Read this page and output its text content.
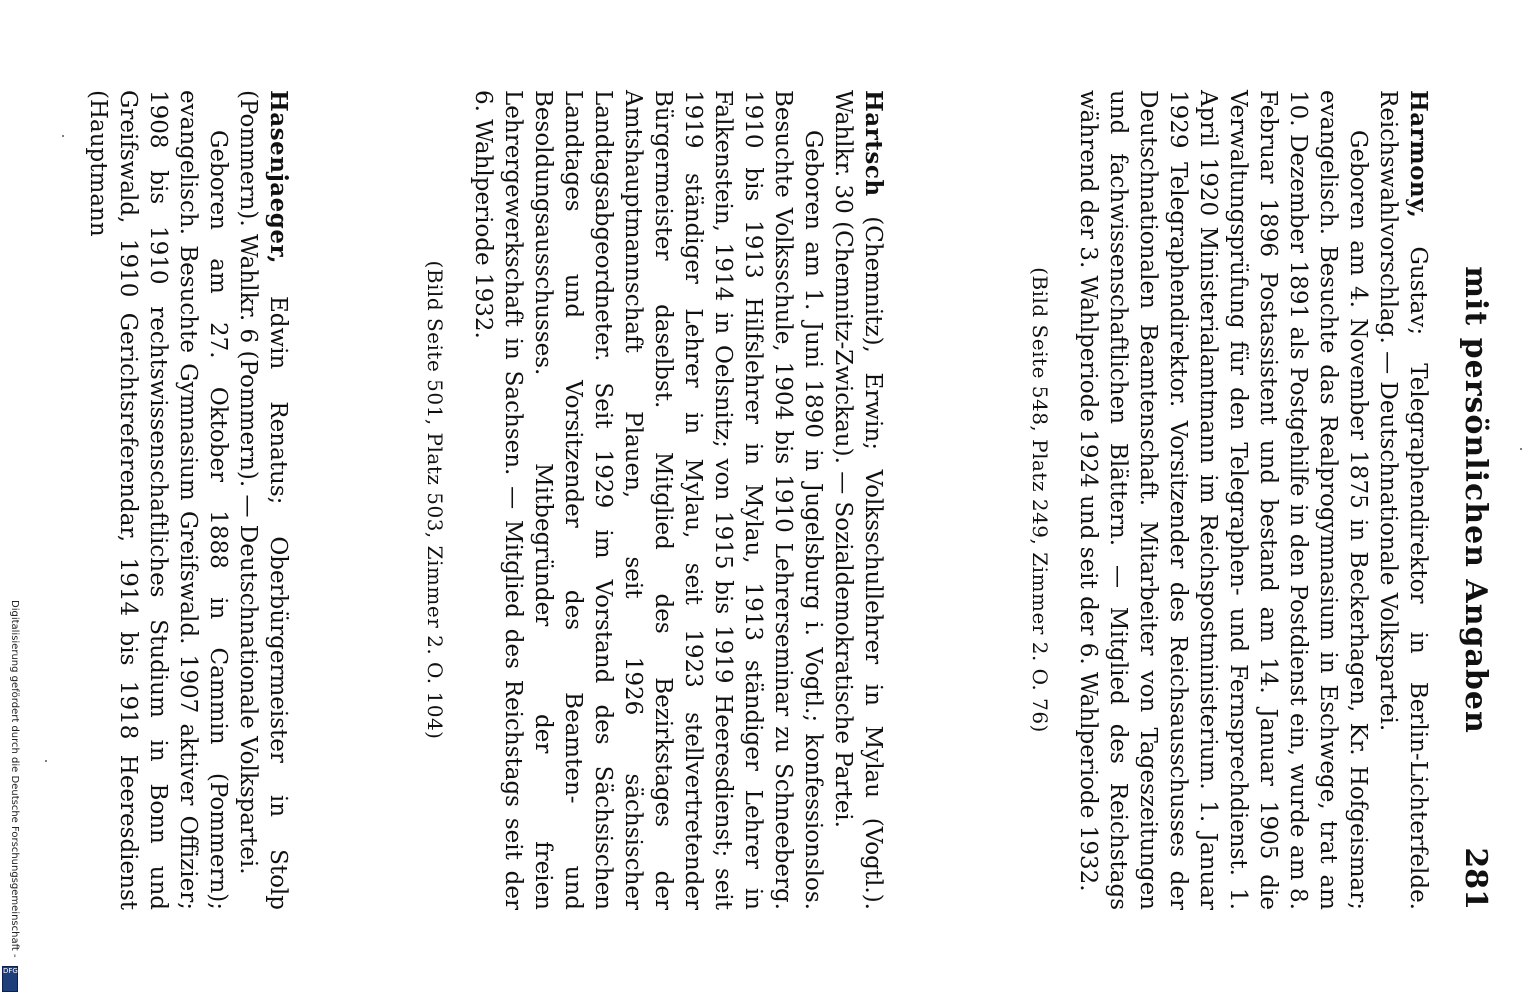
mit persönlichen Angaben
281

Harmony, Gustav; Telegraphendirektor in Berlin-Lichterfelde. Reichswahlvorschlag. — Deutschnationale Volkspartei.

Geboren am 4. November 1875 in Beckerhagen, Kr. Hofgeismar; evangelisch. Besuchte das Realprogymnasium in Eschwege, trat am 10. Dezember 1891 als Postgehilfe in den Postdienst ein, wurde am 8. Februar 1896 Postassistent und bestand am 14. Januar 1905 die Verwaltungsprüfung für den Telegraphen- und Fernsprechdienst. 1. April 1920 Ministerialamtmann im Reichspostministerium. 1. Januar 1929 Telegraphendirektor. Vorsitzender des Reichsausschusses der Deutschnationalen Beamtenschaft. Mitarbeiter von Tageszeitungen und fachwissenschaftlichen Blättern. — Mitglied des Reichstags während der 3. Wahlperiode 1924 und seit der 6. Wahlperiode 1932.

(Bild Seite 548, Platz 249, Zimmer 2. O. 76)

Hartsch (Chemnitz), Erwin; Volksschullehrer in Mylau (Vogtl.). Wahlkr. 30 (Chemnitz-Zwickau). — Sozialdemokratische Partei.

Geboren am 1. Juni 1890 in Jugelsburg i. Vogtl.; konfessionslos. Besuchte Volksschule, 1904 bis 1910 Lehrerseminar zu Schneeberg. 1910 bis 1913 Hilfslehrer in Mylau, 1913 ständiger Lehrer in Falkenstein, 1914 in Oelsnitz; von 1915 bis 1919 Heeresdienst; seit 1919 ständiger Lehrer in Mylau, seit 1923 stellvertretender Bürgermeister daselbst. Mitglied des Bezirkstages der Amtshauptmannschaft Plauen, seit 1926 sächsischer Landtagsabgeordneter. Seit 1929 im Vorstand des Sächsischen Landtages und Vorsitzender des Beamten- und Besoldungsausschusses. Mitbegründer der freien Lehrergewerkschaft in Sachsen. — Mitglied des Reichstags seit der 6. Wahlperiode 1932.

(Bild Seite 501, Platz 503, Zimmer 2. O. 104)

Hasenjaeger, Edwin Renatus; Oberbürgermeister in Stolp (Pommern). Wahlkr. 6 (Pommern). — Deutschnationale Volkspartei.

Geboren am 27. Oktober 1888 in Cammin (Pommern); evangelisch. Besuchte Gymnasium Greifswald. 1907 aktiver Offizier; 1908 bis 1910 rechtswissenschaftliches Studium in Bonn und Greifswald, 1910 Gerichtsreferendar, 1914 bis 1918 Heeresdienst (Hauptmann

Digitalisierung gefördert durch die Deutsche Forschungsgemeinschaft -
DFG
